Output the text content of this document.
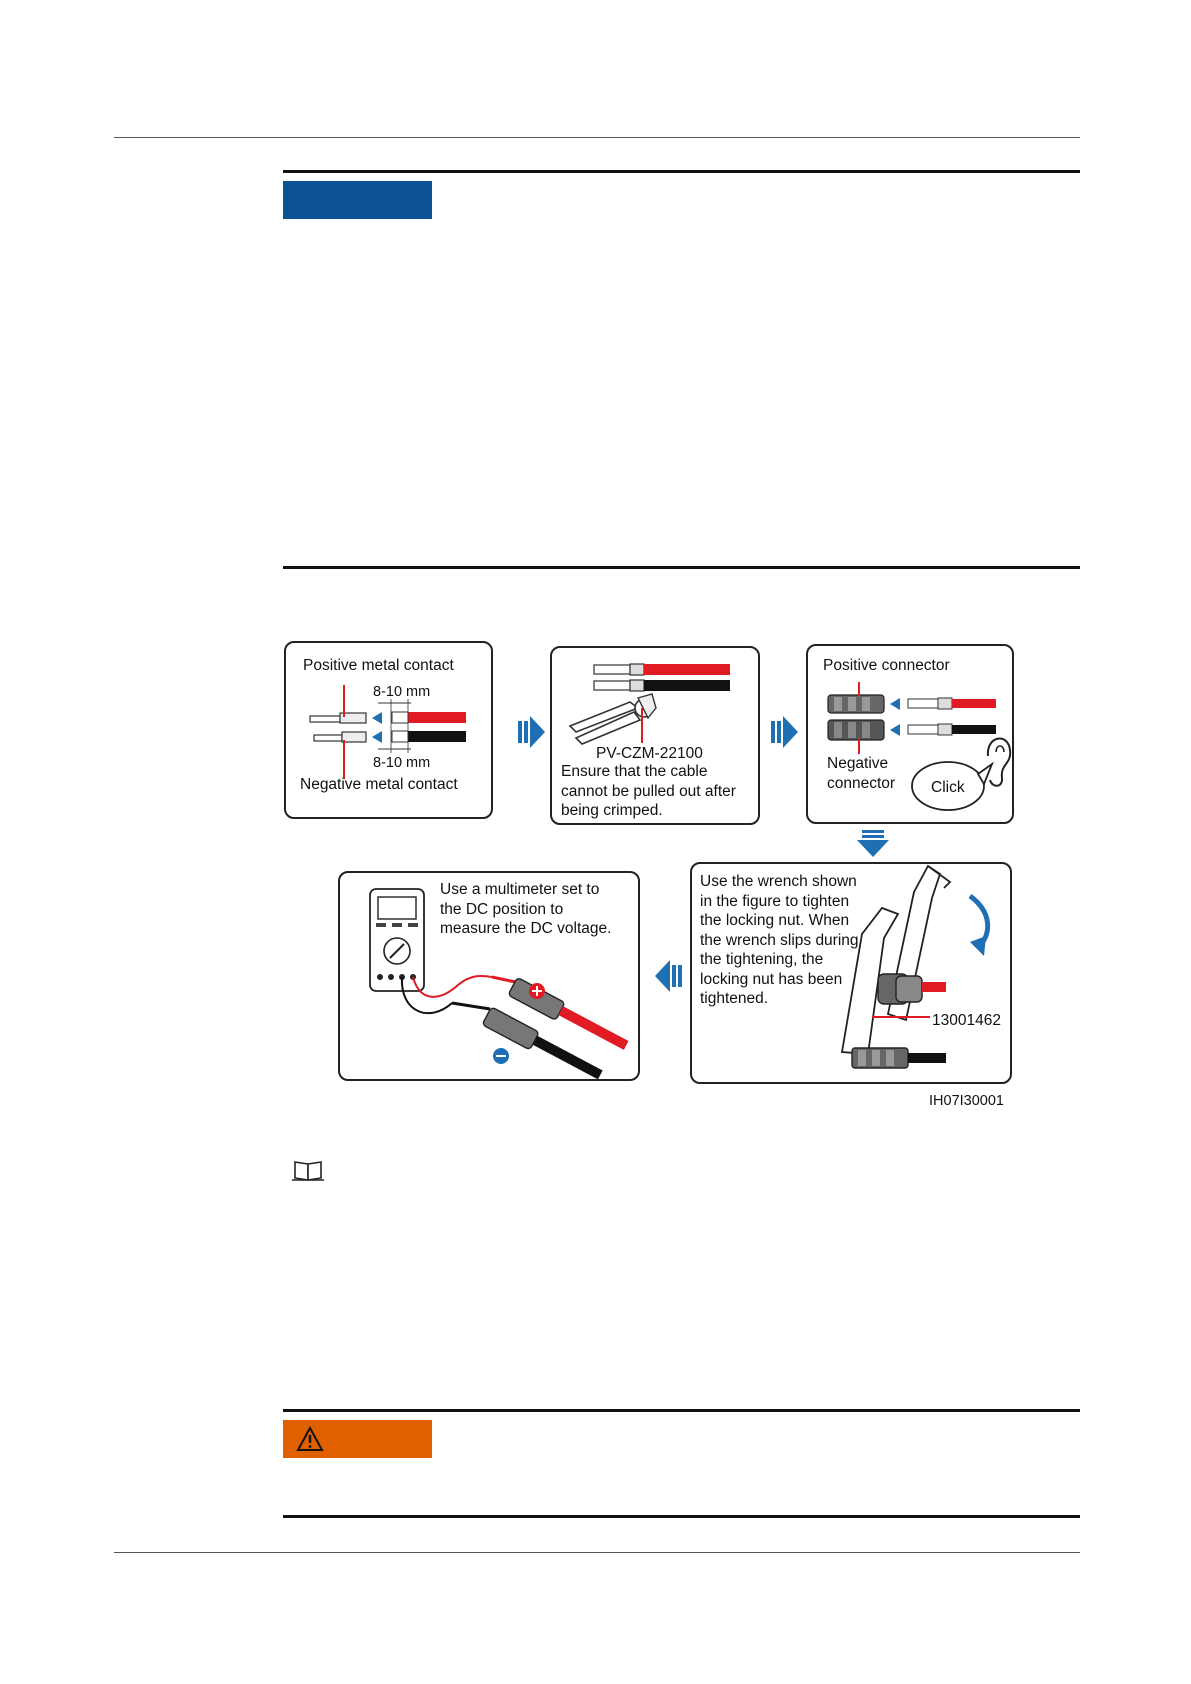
Positive metal contact
8-10 mm
8-10 mm
Negative metal contact
PV-CZM-22100
Ensure that the cable
cannot be pulled out after
being crimped.
Positive connector
Negative
connector Click
Use the wrench shown
in the figure to tighten
the locking nut. When
the wrench slips during
the tightening, the
locking nut has been
tightened.
13001462
Use a multimeter set to
the DC position to
measure the DC voltage.
IH07I30001
